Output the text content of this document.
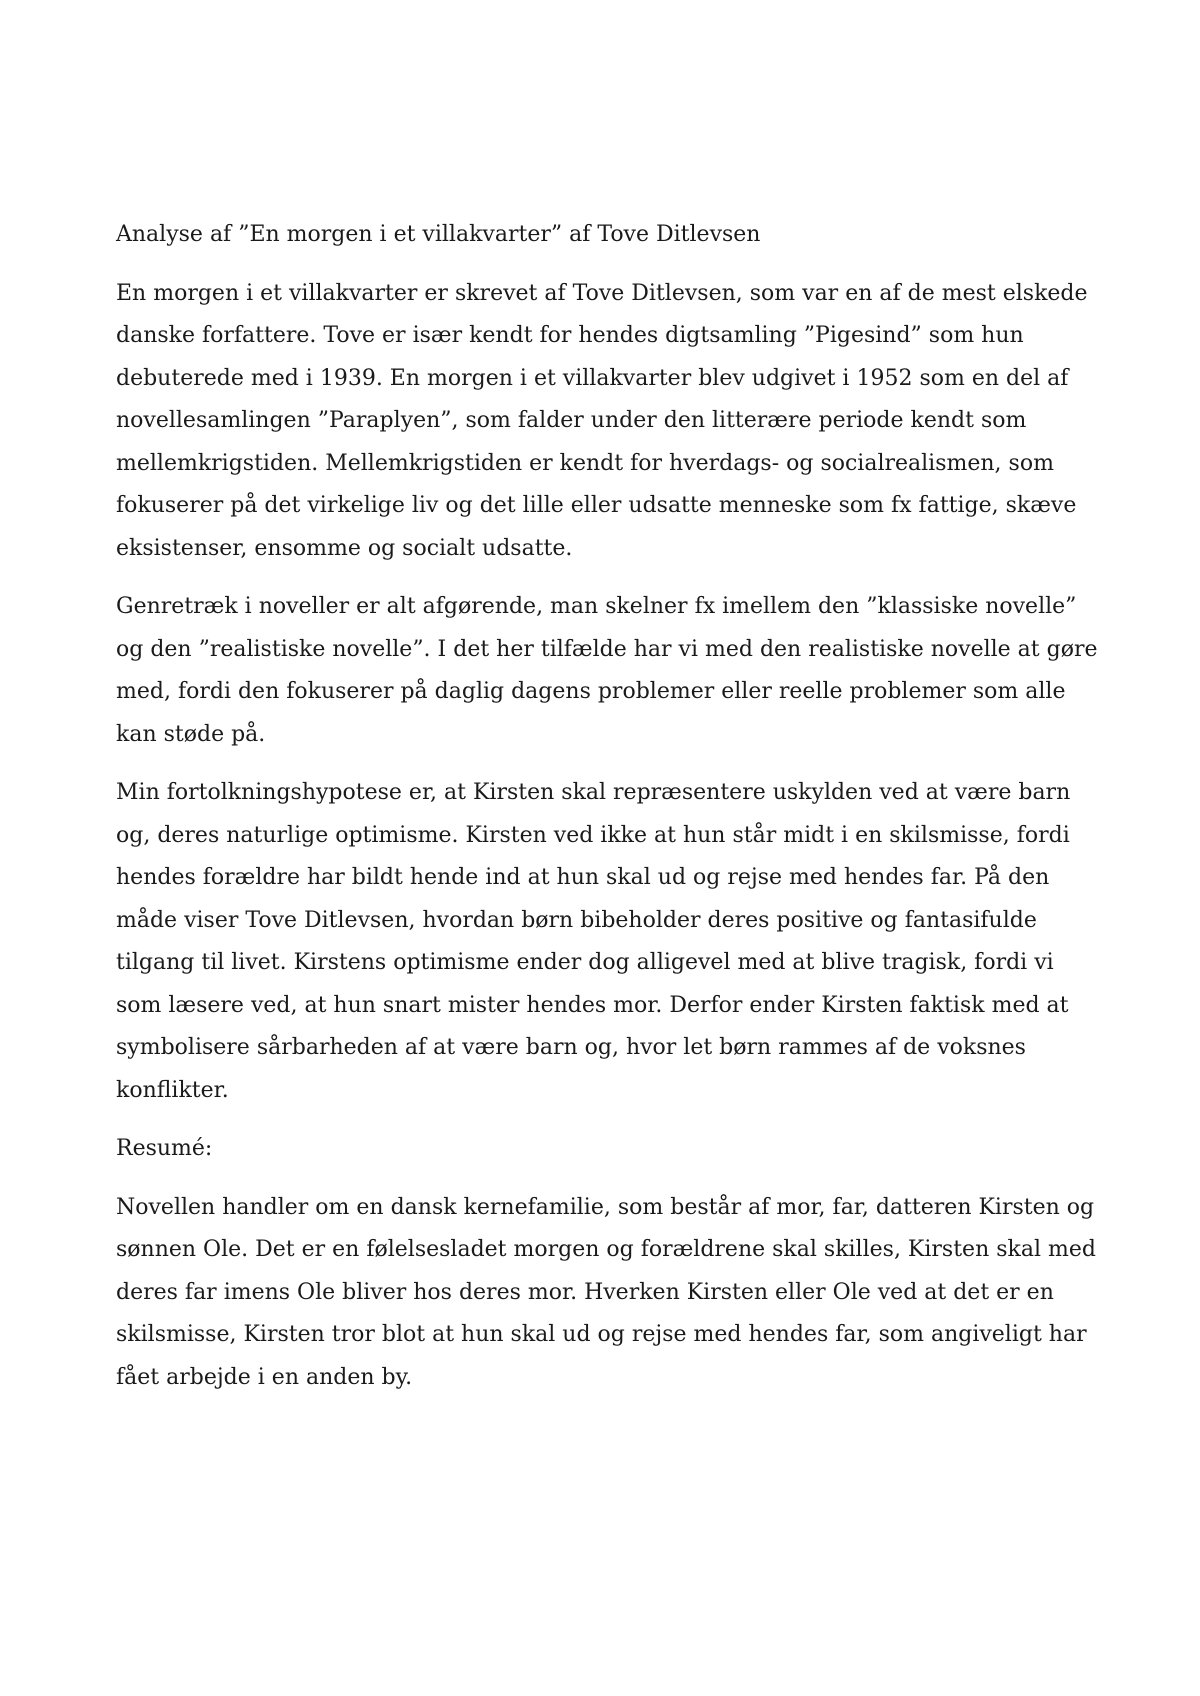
Analyse af ”En morgen i et villakvarter” af Tove Ditlevsen

En morgen i et villakvarter er skrevet af Tove Ditlevsen, som var en af de mest elskede danske forfattere. Tove er især kendt for hendes digtsamling ”Pigesind” som hun debuterede med i 1939. En morgen i et villakvarter blev udgivet i 1952 som en del af novellesamlingen ”Paraplyen”, som falder under den litterære periode kendt som mellemkrigstiden. Mellemkrigstiden er kendt for hverdags- og socialrealismen, som fokuserer på det virkelige liv og det lille eller udsatte menneske som fx fattige, skæve eksistenser, ensomme og socialt udsatte.

Genretræk i noveller er alt afgørende, man skelner fx imellem den ”klassiske novelle” og den ”realistiske novelle”. I det her tilfælde har vi med den realistiske novelle at gøre med, fordi den fokuserer på daglig dagens problemer eller reelle problemer som alle kan støde på.

Min fortolkningshypotese er, at Kirsten skal repræsentere uskylden ved at være barn og, deres naturlige optimisme. Kirsten ved ikke at hun står midt i en skilsmisse, fordi hendes forældre har bildt hende ind at hun skal ud og rejse med hendes far. På den måde viser Tove Ditlevsen, hvordan børn bibeholder deres positive og fantasifulde tilgang til livet. Kirstens optimisme ender dog alligevel med at blive tragisk, fordi vi som læsere ved, at hun snart mister hendes mor. Derfor ender Kirsten faktisk med at symbolisere sårbarheden af at være barn og, hvor let børn rammes af de voksnes konflikter.

Resumé:

Novellen handler om en dansk kernefamilie, som består af mor, far, datteren Kirsten og sønnen Ole. Det er en følelsesladet morgen og forældrene skal skilles, Kirsten skal med deres far imens Ole bliver hos deres mor. Hverken Kirsten eller Ole ved at det er en skilsmisse, Kirsten tror blot at hun skal ud og rejse med hendes far, som angiveligt har fået arbejde i en anden by.
